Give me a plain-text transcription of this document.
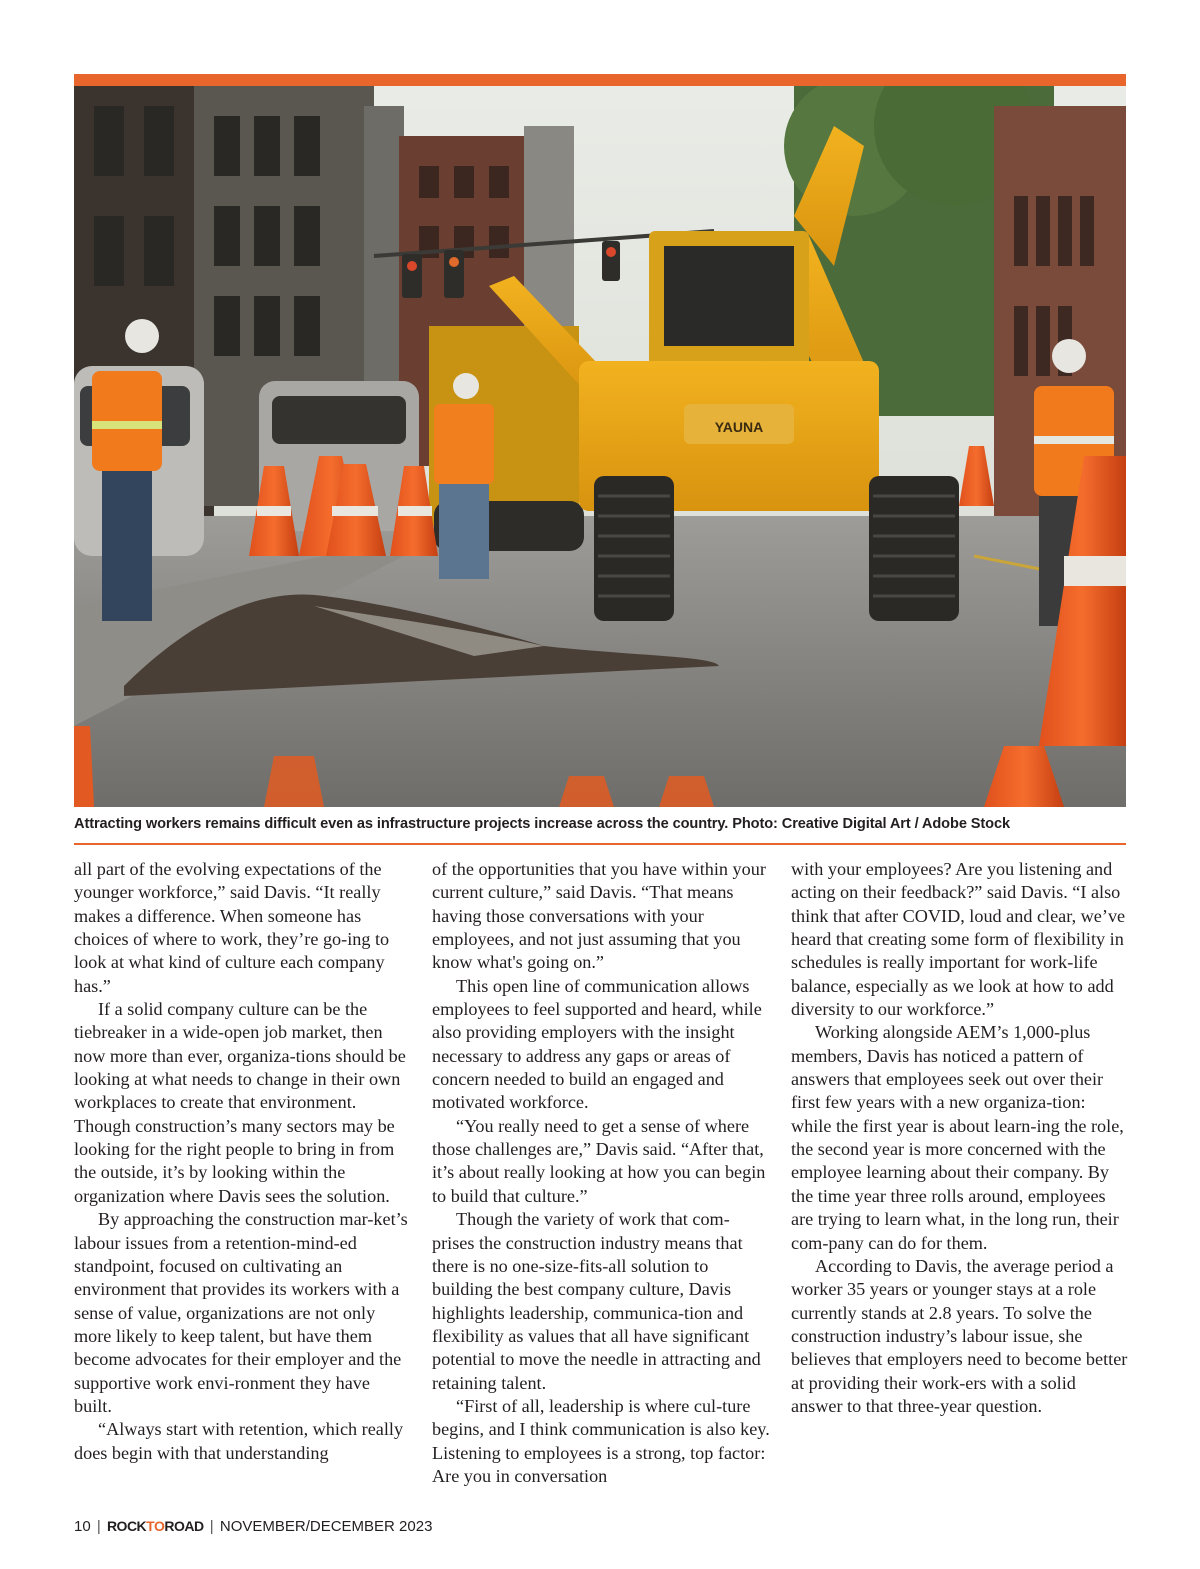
YAUNA
Attracting workers remains difficult even as infrastructure projects increase across the country. Photo: Creative Digital Art / Adobe Stock

all part of the evolving expectations of the younger workforce,” said Davis. “It really makes a difference. When someone has choices of where to work, they’re go-ing to look at what kind of culture each company has.”

If a solid company culture can be the tiebreaker in a wide-open job market, then now more than ever, organiza-tions should be looking at what needs to change in their own workplaces to create that environment. Though construction’s many sectors may be looking for the right people to bring in from the outside, it’s by looking within the organization where Davis sees the solution.

By approaching the construction mar-ket’s labour issues from a retention-mind-ed standpoint, focused on cultivating an environment that provides its workers with a sense of value, organizations are not only more likely to keep talent, but have them become advocates for their employer and the supportive work envi-ronment they have built.

“Always start with retention, which really does begin with that understanding

of the opportunities that you have within your current culture,” said Davis. “That means having those conversations with your employees, and not just assuming that you know what's going on.”

This open line of communication allows employees to feel supported and heard, while also providing employers with the insight necessary to address any gaps or areas of concern needed to build an engaged and motivated workforce.

“You really need to get a sense of where those challenges are,” Davis said. “After that, it’s about really looking at how you can begin to build that culture.”

Though the variety of work that com-prises the construction industry means that there is no one-size-fits-all solution to building the best company culture, Davis highlights leadership, communica-tion and flexibility as values that all have significant potential to move the needle in attracting and retaining talent.

“First of all, leadership is where cul-ture begins, and I think communication is also key. Listening to employees is a strong, top factor: Are you in conversation

with your employees? Are you listening and acting on their feedback?” said Davis. “I also think that after COVID, loud and clear, we’ve heard that creating some form of flexibility in schedules is really important for work-life balance, especially as we look at how to add diversity to our workforce.”

Working alongside AEM’s 1,000-plus members, Davis has noticed a pattern of answers that employees seek out over their first few years with a new organiza-tion: while the first year is about learn-ing the role, the second year is more concerned with the employee learning about their company. By the time year three rolls around, employees are trying to learn what, in the long run, their com-pany can do for them.

According to Davis, the average period a worker 35 years or younger stays at a role currently stands at 2.8 years. To solve the construction industry’s labour issue, she believes that employers need to become better at providing their work-ers with a solid answer to that three-year question.

10 | ROCKTOROAD | NOVEMBER/DECEMBER 2023
